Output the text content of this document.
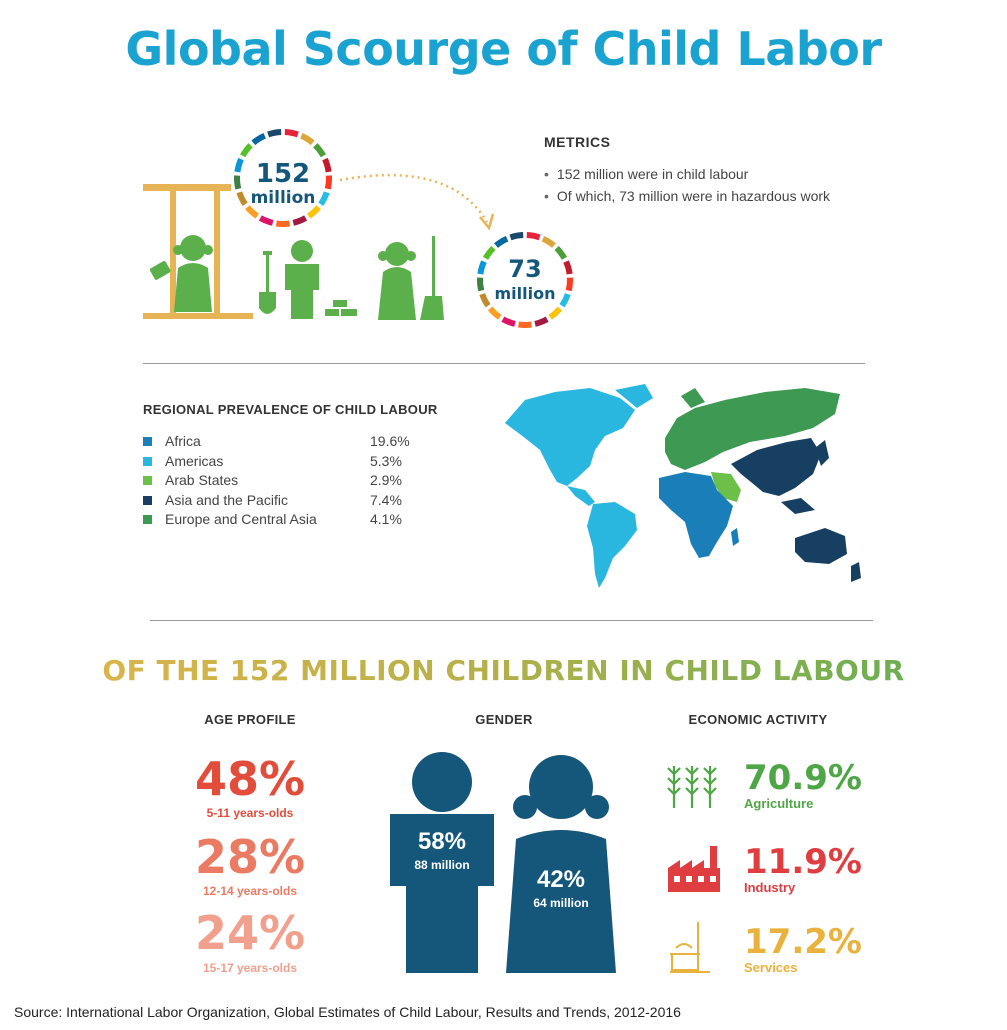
Global Scourge of Child Labor
152
million
73
million
METRICS
• 152 million were in child labour
• Of which, 73 million were in hazardous work
REGIONAL PREVALENCE OF CHILD LABOUR
Africa	19.6%
Americas	5.3%
Arab States	2.9%
Asia and the Pacific	7.4%
Europe and Central Asia	4.1%
OF THE 152 MILLION CHILDREN IN CHILD LABOUR
AGE PROFILE	GENDER	ECONOMIC ACTIVITY
48%
5-11 years-olds
28%
12-14 years-olds
24%
15-17 years-olds
58%
88 million
42%
64 million
70.9%
Agriculture
11.9%
Industry
17.2%
Services
Source: International Labor Organization, Global Estimates of Child Labour, Results and Trends, 2012-2016
